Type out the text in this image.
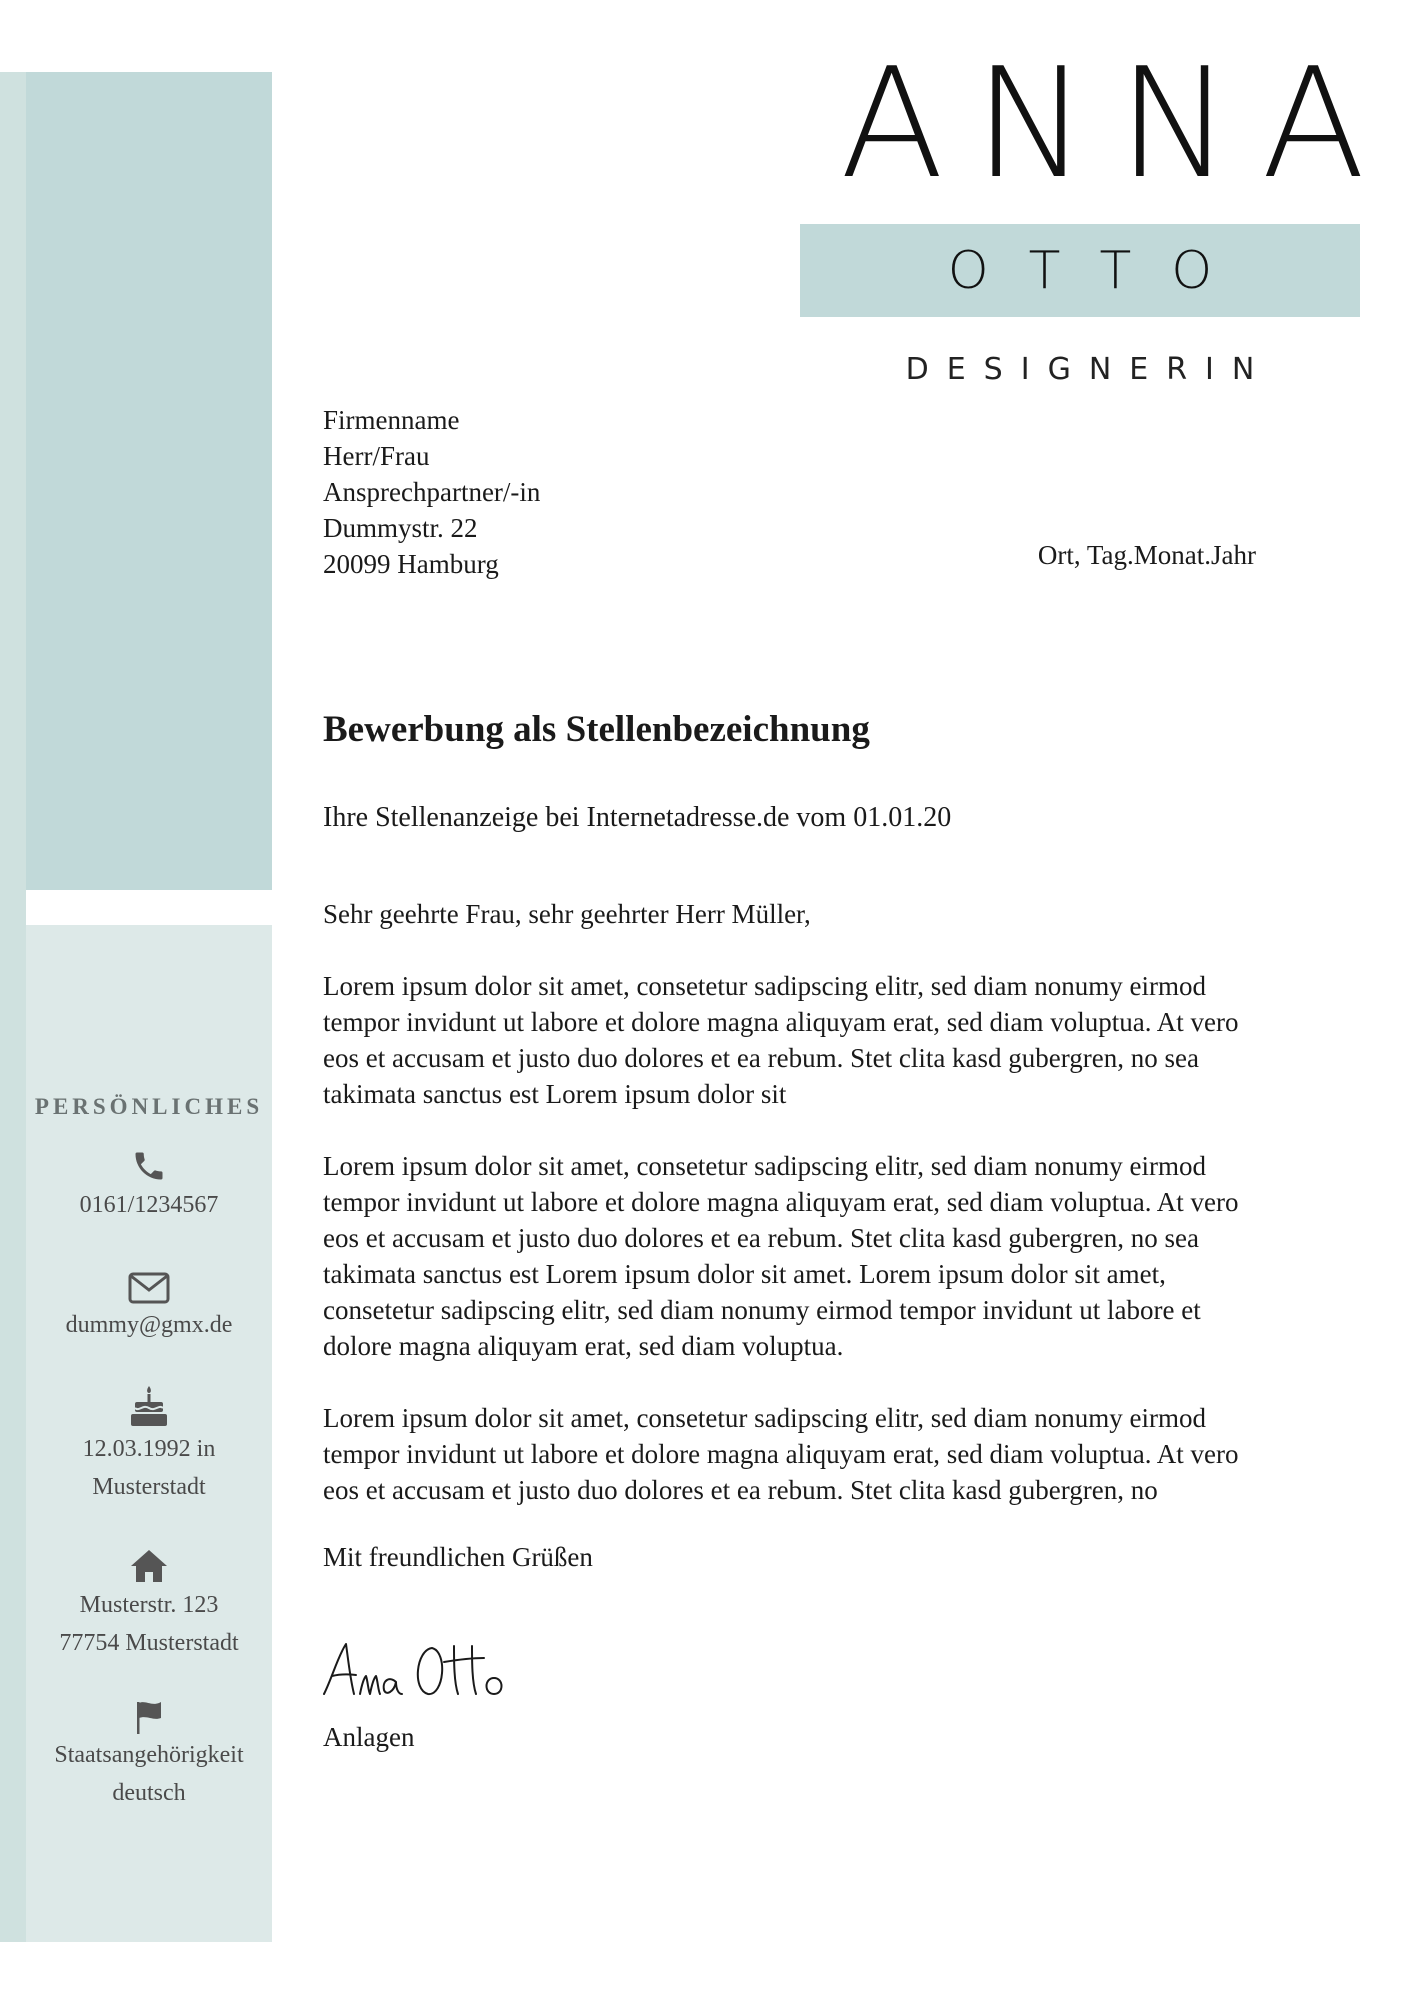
ANNA
OTTO
DESIGNERIN
Firmenname
Herr/Frau
Ansprechpartner/-in
Dummystr. 22
20099 Hamburg	Ort, Tag.Monat.Jahr
Bewerbung als Stellenbezeichnung
Ihre Stellenanzeige bei Internetadresse.de vom 01.01.20

Sehr geehrte Frau, sehr geehrter Herr Müller,

Lorem ipsum dolor sit amet, consetetur sadipscing elitr, sed diam nonumy eirmod tempor invidunt ut labore et dolore magna aliquyam erat, sed diam voluptua. At vero eos et accusam et justo duo dolores et ea rebum. Stet clita kasd gubergren, no sea takimata sanctus est Lorem ipsum dolor sit

Lorem ipsum dolor sit amet, consetetur sadipscing elitr, sed diam nonumy eirmod tempor invidunt ut labore et dolore magna aliquyam erat, sed diam voluptua. At vero eos et accusam et justo duo dolores et ea rebum. Stet clita kasd gubergren, no sea takimata sanctus est Lorem ipsum dolor sit amet. Lorem ipsum dolor sit amet, consetetur sadipscing elitr, sed diam nonumy eirmod tempor invidunt ut labore et dolore magna aliquyam erat, sed diam voluptua.

Lorem ipsum dolor sit amet, consetetur sadipscing elitr, sed diam nonumy eirmod tempor invidunt ut labore et dolore magna aliquyam erat, sed diam voluptua. At vero eos et accusam et justo duo dolores et ea rebum. Stet clita kasd gubergren, no

Mit freundlichen Grüßen
Anlagen
PERSÖNLICHES
0161/1234567
dummy@gmx.de
12.03.1992 in
Musterstadt
Musterstr. 123
77754 Musterstadt
Staatsangehörigkeit
deutsch
